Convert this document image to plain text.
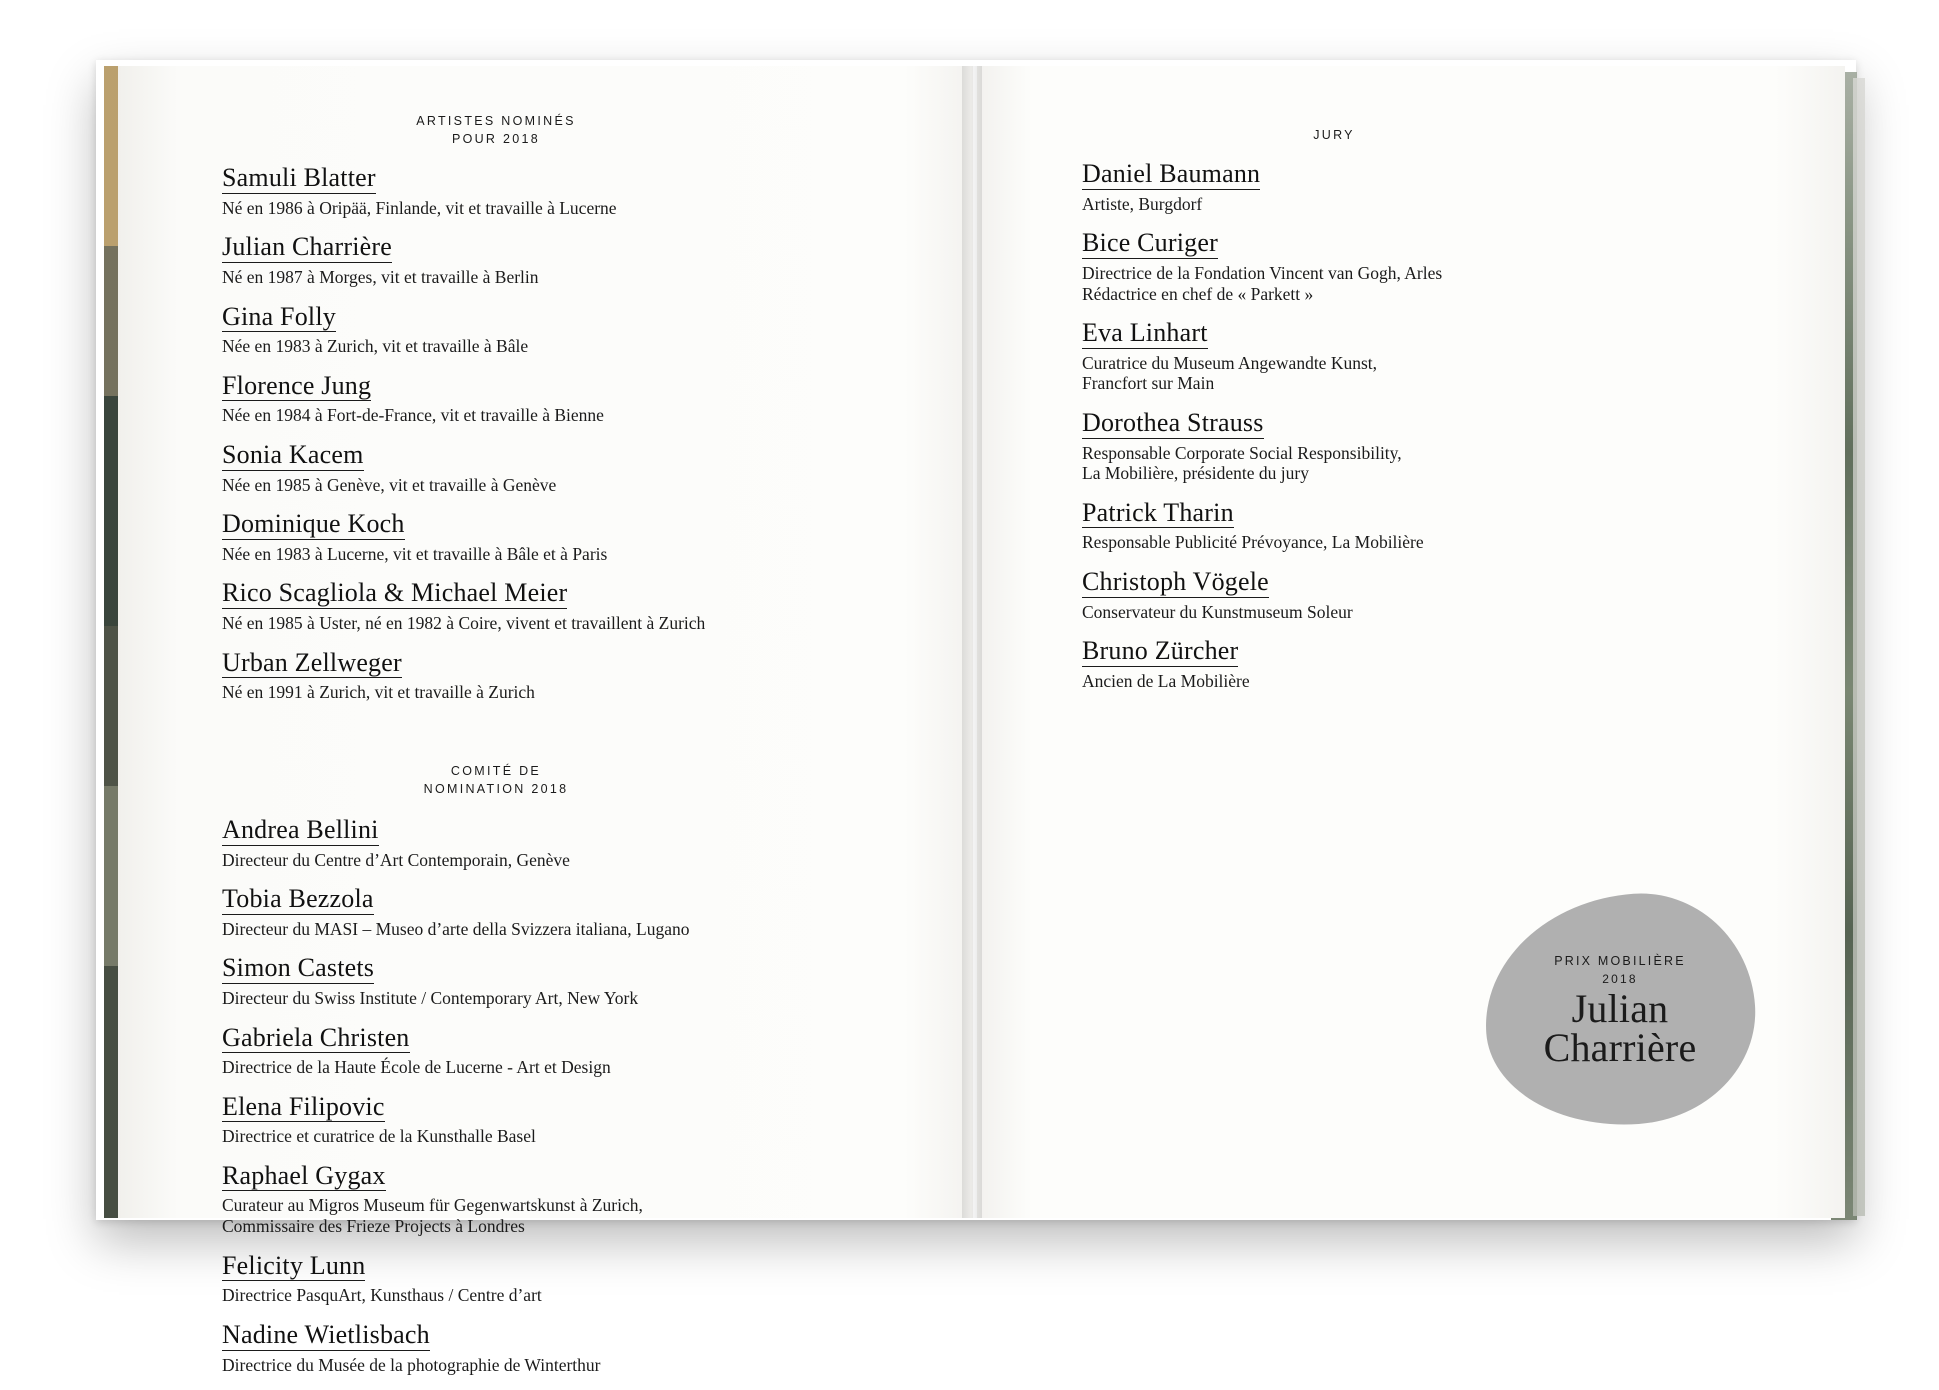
ARTISTES NOMINÉS
POUR 2018
Samuli Blatter
Né en 1986 à Oripää, Finlande, vit et travaille à Lucerne
Julian Charrière
Né en 1987 à Morges, vit et travaille à Berlin
Gina Folly
Née en 1983 à Zurich, vit et travaille à Bâle
Florence Jung
Née en 1984 à Fort-de-France, vit et travaille à Bienne
Sonia Kacem
Née en 1985 à Genève, vit et travaille à Genève
Dominique Koch
Née en 1983 à Lucerne, vit et travaille à Bâle et à Paris
Rico Scagliola & Michael Meier
Né en 1985 à Uster, né en 1982 à Coire, vivent et travaillent à Zurich
Urban Zellweger
Né en 1991 à Zurich, vit et travaille à Zurich
COMITÉ DE
NOMINATION 2018
Andrea Bellini
Directeur du Centre d’Art Contemporain, Genève
Tobia Bezzola
Directeur du MASI – Museo d’arte della Svizzera italiana, Lugano
Simon Castets
Directeur du Swiss Institute / Contemporary Art, New York
Gabriela Christen
Directrice de la Haute École de Lucerne - Art et Design
Elena Filipovic
Directrice et curatrice de la Kunsthalle Basel
Raphael Gygax
Curateur au Migros Museum für Gegenwartskunst à Zurich,
Commissaire des Frieze Projects à Londres
Felicity Lunn
Directrice PasquArt, Kunsthaus / Centre d’art
Nadine Wietlisbach
Directrice du Musée de la photographie de Winterthur
JURY
Daniel Baumann
Artiste, Burgdorf
Bice Curiger
Directrice de la Fondation Vincent van Gogh, Arles
Rédactrice en chef de « Parkett »
Eva Linhart
Curatrice du Museum Angewandte Kunst,
Francfort sur Main
Dorothea Strauss
Responsable Corporate Social Responsibility,
La Mobilière, présidente du jury
Patrick Tharin
Responsable Publicité Prévoyance, La Mobilière
Christoph Vögele
Conservateur du Kunstmuseum Soleur
Bruno Zürcher
Ancien de La Mobilière
PRIX MOBILIÈRE
2018
Julian
Charrière
